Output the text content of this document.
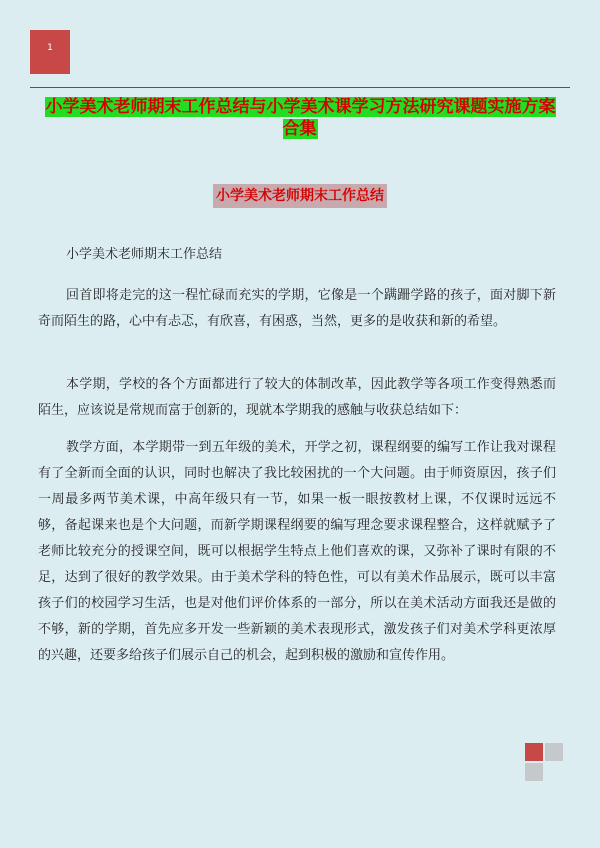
1
小学美术老师期末工作总结与小学美术课学习方法研究课题实施方案合集
小学美术老师期末工作总结

小学美术老师期末工作总结

回首即将走完的这一程忙碌而充实的学期，它像是一个蹒跚学路的孩子，面对脚下新奇而陌生的路，心中有忐忑，有欣喜，有困惑，当然，更多的是收获和新的希望。

本学期，学校的各个方面都进行了较大的体制改革，因此教学等各项工作变得熟悉而陌生，应该说是常规而富于创新的，现就本学期我的感触与收获总结如下：

教学方面，本学期带一到五年级的美术，开学之初，课程纲要的编写工作让我对课程有了全新而全面的认识，同时也解决了我比较困扰的一个大问题。由于师资原因，孩子们一周最多两节美术课，中高年级只有一节，如果一板一眼按教材上课，不仅课时远远不够，备起课来也是个大问题，而新学期课程纲要的编写理念要求课程整合，这样就赋予了老师比较充分的授课空间，既可以根据学生特点上他们喜欢的课，又弥补了课时有限的不足，达到了很好的教学效果。由于美术学科的特色性，可以有美术作品展示，既可以丰富孩子们的校园学习生活，也是对他们评价体系的一部分，所以在美术活动方面我还是做的不够，新的学期，首先应多开发一些新颖的美术表现形式，激发孩子们对美术学科更浓厚的兴趣，还要多给孩子们展示自己的机会，起到积极的激励和宣传作用。
